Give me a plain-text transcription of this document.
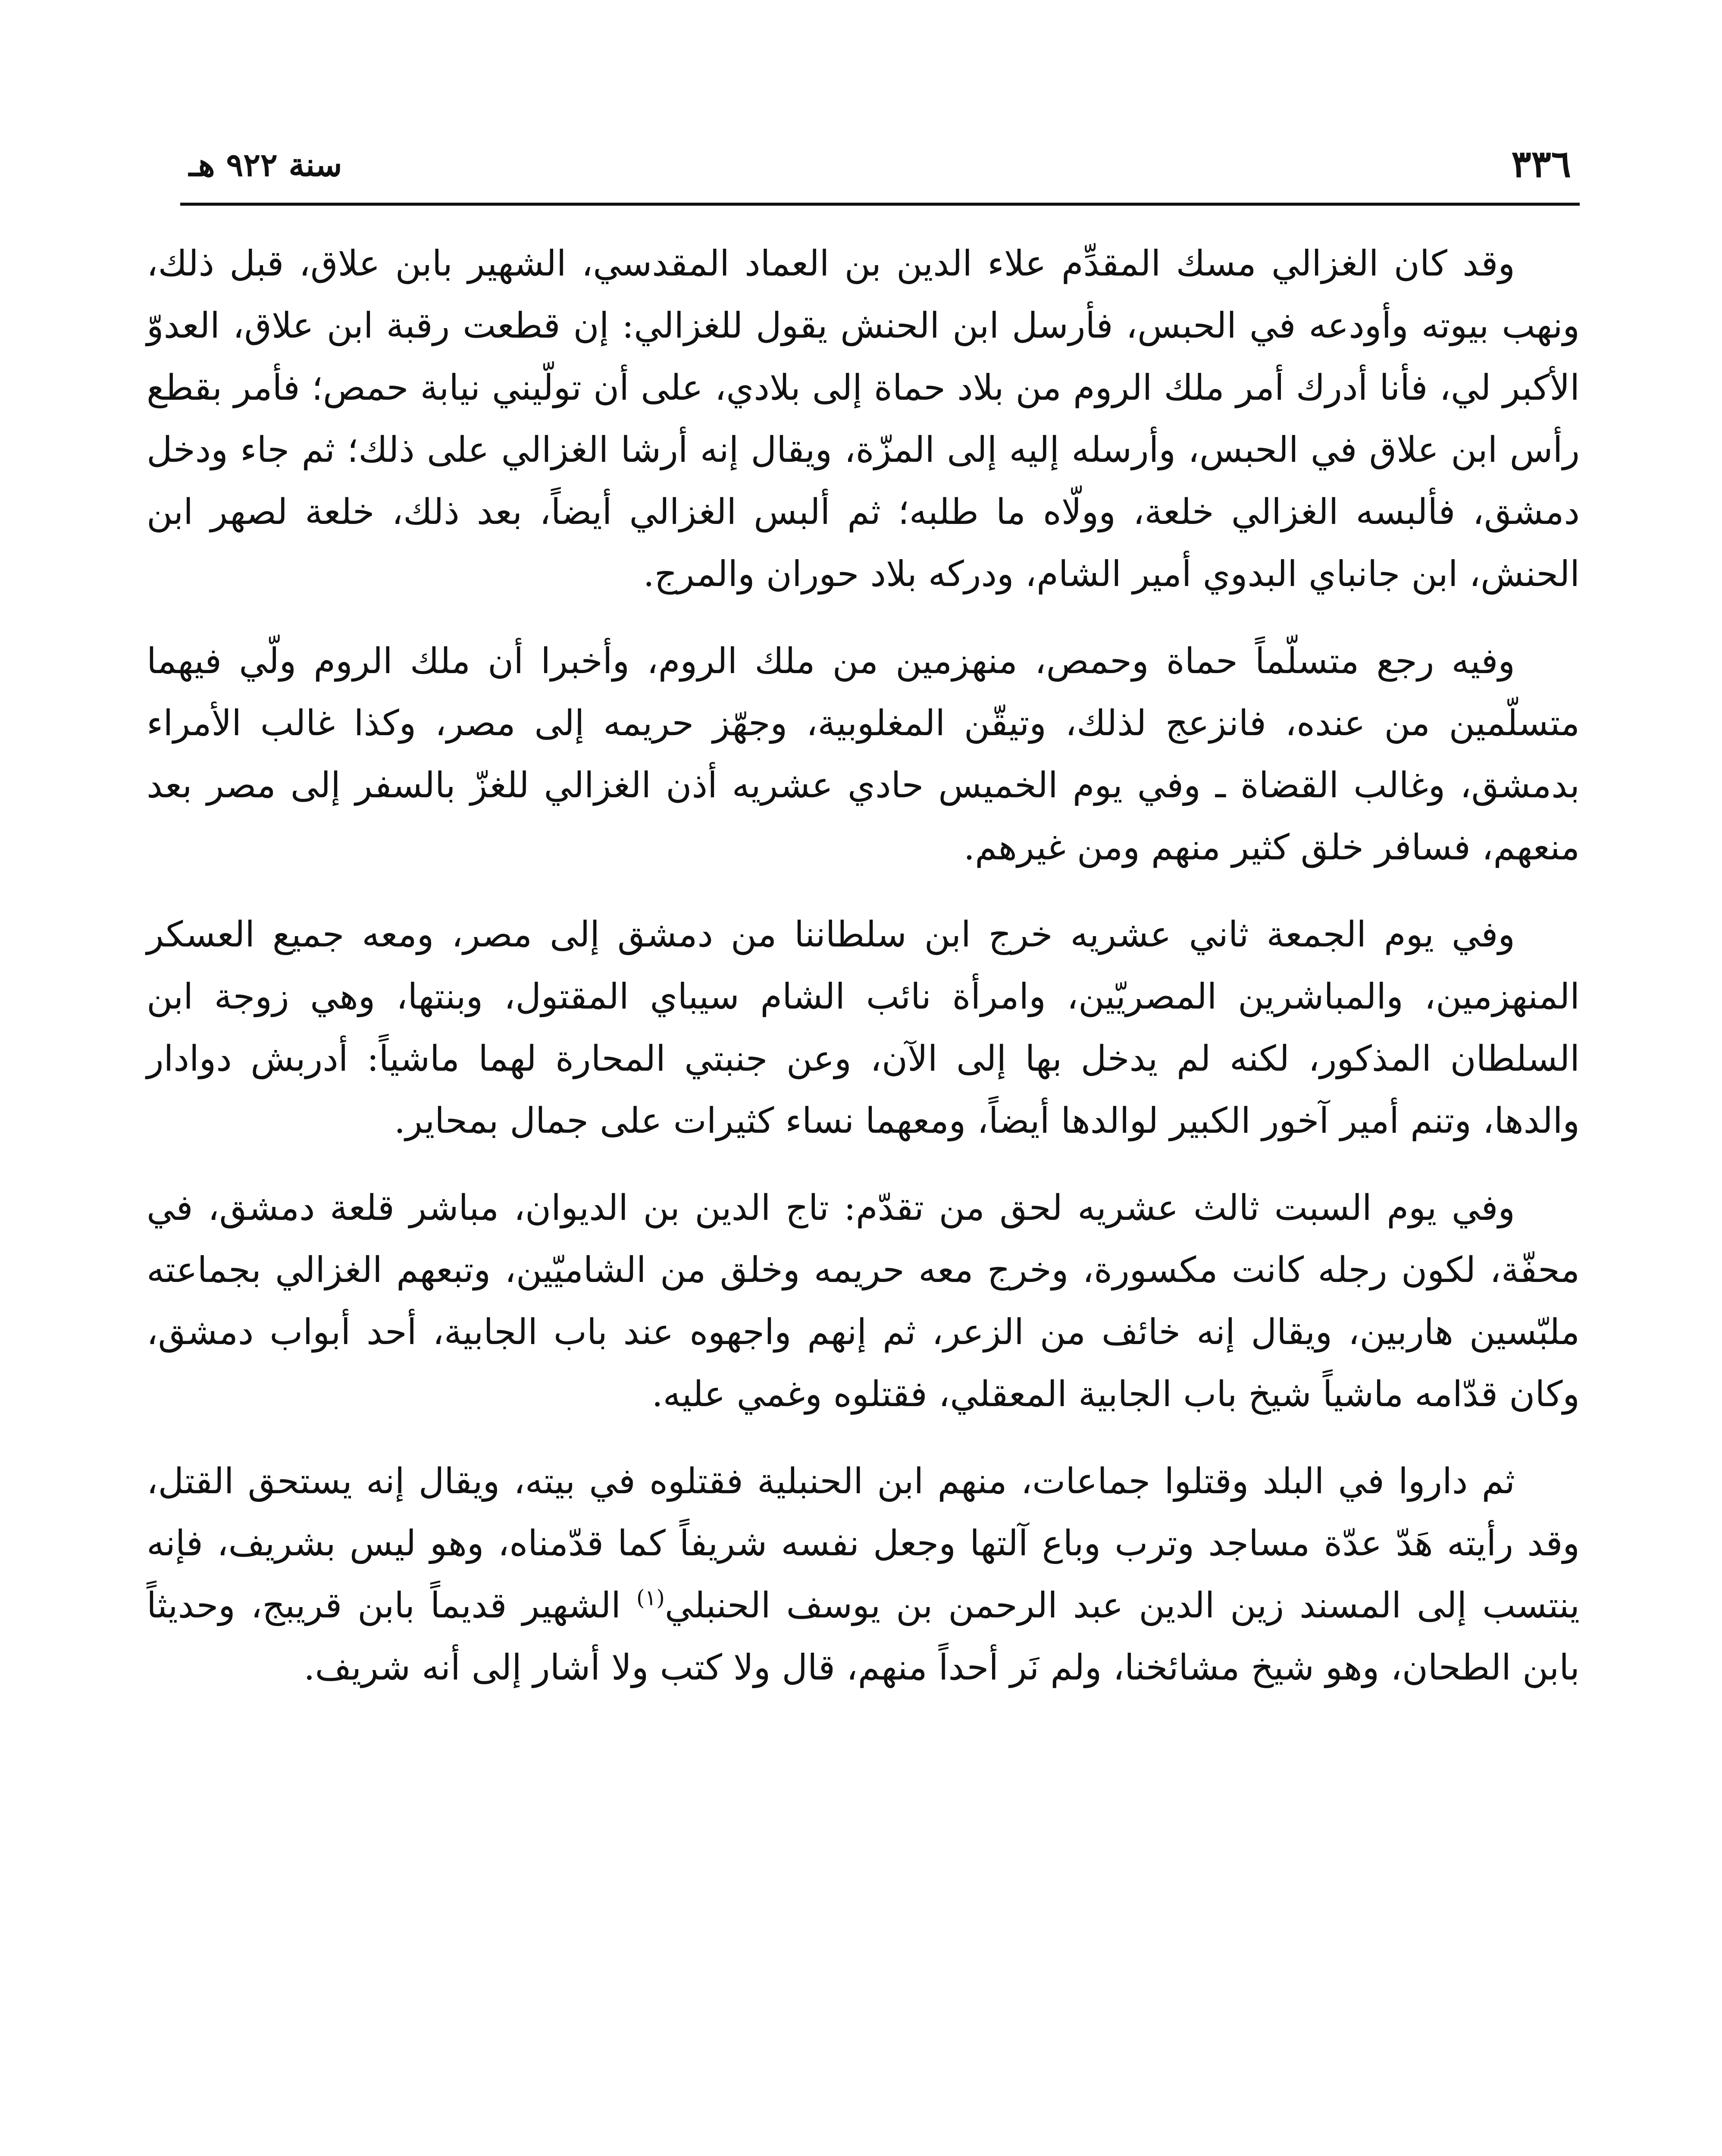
٣٣٦
سنة ٩٢٢ هـ

وقد كان الغزالي مسك المقدِّم علاء الدين بن العماد المقدسي، الشهير بابن علاق، قبل ذلك، ونهب بيوته وأودعه في الحبس، فأرسل ابن الحنش يقول للغزالي: إن قطعت رقبة ابن علاق، العدوّ الأكبر لي، فأنا أدرك أمر ملك الروم من بلاد حماة إلى بلادي، على أن تولّيني نيابة حمص؛ فأمر بقطع رأس ابن علاق في الحبس، وأرسله إليه إلى المزّة، ويقال إنه أرشا الغزالي على ذلك؛ ثم جاء ودخل دمشق، فألبسه الغزالي خلعة، وولّاه ما طلبه؛ ثم ألبس الغزالي أيضاً، بعد ذلك، خلعة لصهر ابن الحنش، ابن جانباي البدوي أمير الشام، ودركه بلاد حوران والمرج.

وفيه رجع متسلّماً حماة وحمص، منهزمين من ملك الروم، وأخبرا أن ملك الروم ولّي فيهما متسلّمين من عنده، فانزعج لذلك، وتيقّن المغلوبية، وجهّز حريمه إلى مصر، وكذا غالب الأمراء بدمشق، وغالب القضاة ـ وفي يوم الخميس حادي عشريه أذن الغزالي للغزّ بالسفر إلى مصر بعد منعهم، فسافر خلق كثير منهم ومن غيرهم.

وفي يوم الجمعة ثاني عشريه خرج ابن سلطاننا من دمشق إلى مصر، ومعه جميع العسكر المنهزمين، والمباشرين المصريّين، وامرأة نائب الشام سيباي المقتول، وبنتها، وهي زوجة ابن السلطان المذكور، لكنه لم يدخل بها إلى الآن، وعن جنبتي المحارة لهما ماشياً: أدربش دوادار والدها، وتنم أمير آخور الكبير لوالدها أيضاً، ومعهما نساء كثيرات على جمال بمحاير.

وفي يوم السبت ثالث عشريه لحق من تقدّم: تاج الدين بن الديوان، مباشر قلعة دمشق، في محفّة، لكون رجله كانت مكسورة، وخرج معه حريمه وخلق من الشاميّين، وتبعهم الغزالي بجماعته ملبّسين هاربين، ويقال إنه خائف من الزعر، ثم إنهم واجهوه عند باب الجابية، أحد أبواب دمشق، وكان قدّامه ماشياً شيخ باب الجابية المعقلي، فقتلوه وغمي عليه.

ثم داروا في البلد وقتلوا جماعات، منهم ابن الحنبلية فقتلوه في بيته، ويقال إنه يستحق القتل، وقد رأيته هَدّ عدّة مساجد وترب وباع آلتها وجعل نفسه شريفاً كما قدّمناه، وهو ليس بشريف، فإنه ينتسب إلى المسند زين الدين عبد الرحمن بن يوسف الحنبلي$^{(١)}$ الشهير قديماً بابن قريبج، وحديثاً بابن الطحان، وهو شيخ مشائخنا، ولم نَر أحداً منهم، قال ولا كتب ولا أشار إلى أنه شريف.
